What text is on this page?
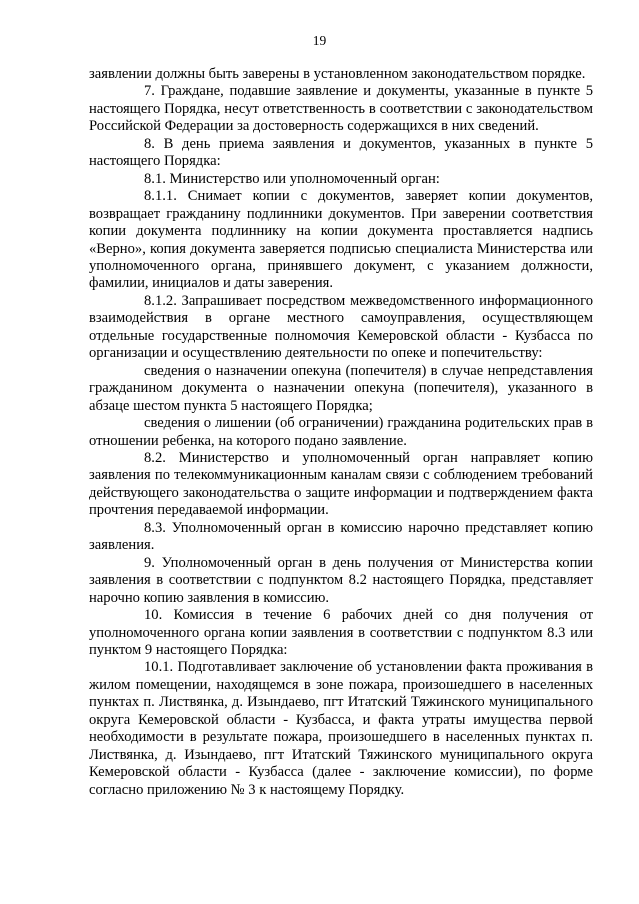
19

заявлении должны быть заверены в установленном законодательством порядке.

7. Граждане, подавшие заявление и документы, указанные в пункте 5 настоящего Порядка, несут ответственность в соответствии с законодательством Российской Федерации за достоверность содержащихся в них сведений.

8. В день приема заявления и документов, указанных в пункте 5 настоящего Порядка:

8.1. Министерство или уполномоченный орган:

8.1.1. Снимает копии с документов, заверяет копии документов, возвращает гражданину подлинники документов. При заверении соответствия копии документа подлиннику на копии документа проставляется надпись «Верно», копия документа заверяется подписью специалиста Министерства или уполномоченного органа, принявшего документ, с указанием должности, фамилии, инициалов и даты заверения.

8.1.2. Запрашивает посредством межведомственного информационного взаимодействия в органе местного самоуправления, осуществляющем отдельные государственные полномочия Кемеровской области - Кузбасса по организации и осуществлению деятельности по опеке и попечительству:

сведения о назначении опекуна (попечителя) в случае непредставления гражданином документа о назначении опекуна (попечителя), указанного в абзаце шестом пункта 5 настоящего Порядка;

сведения о лишении (об ограничении) гражданина родительских прав в отношении ребенка, на которого подано заявление.

8.2. Министерство и уполномоченный орган направляет копию заявления по телекоммуникационным каналам связи с соблюдением требований действующего законодательства о защите информации и подтверждением факта прочтения передаваемой информации.

8.3. Уполномоченный орган в комиссию нарочно представляет копию заявления.

9. Уполномоченный орган в день получения от Министерства копии заявления в соответствии с подпунктом 8.2 настоящего Порядка, представляет нарочно копию заявления в комиссию.

10. Комиссия в течение 6 рабочих дней со дня получения от уполномоченного органа копии заявления в соответствии с подпунктом 8.3 или пунктом 9 настоящего Порядка:

10.1. Подготавливает заключение об установлении факта проживания в жилом помещении, находящемся в зоне пожара, произошедшего в населенных пунктах п. Листвянка, д. Изындаево, пгт Итатский Тяжинского муниципального округа Кемеровской области - Кузбасса, и факта утраты имущества первой необходимости в результате пожара, произошедшего в населенных пунктах п. Листвянка, д. Изындаево, пгт Итатский Тяжинского муниципального округа Кемеровской области - Кузбасса (далее - заключение комиссии), по форме согласно приложению № 3 к настоящему Порядку.
